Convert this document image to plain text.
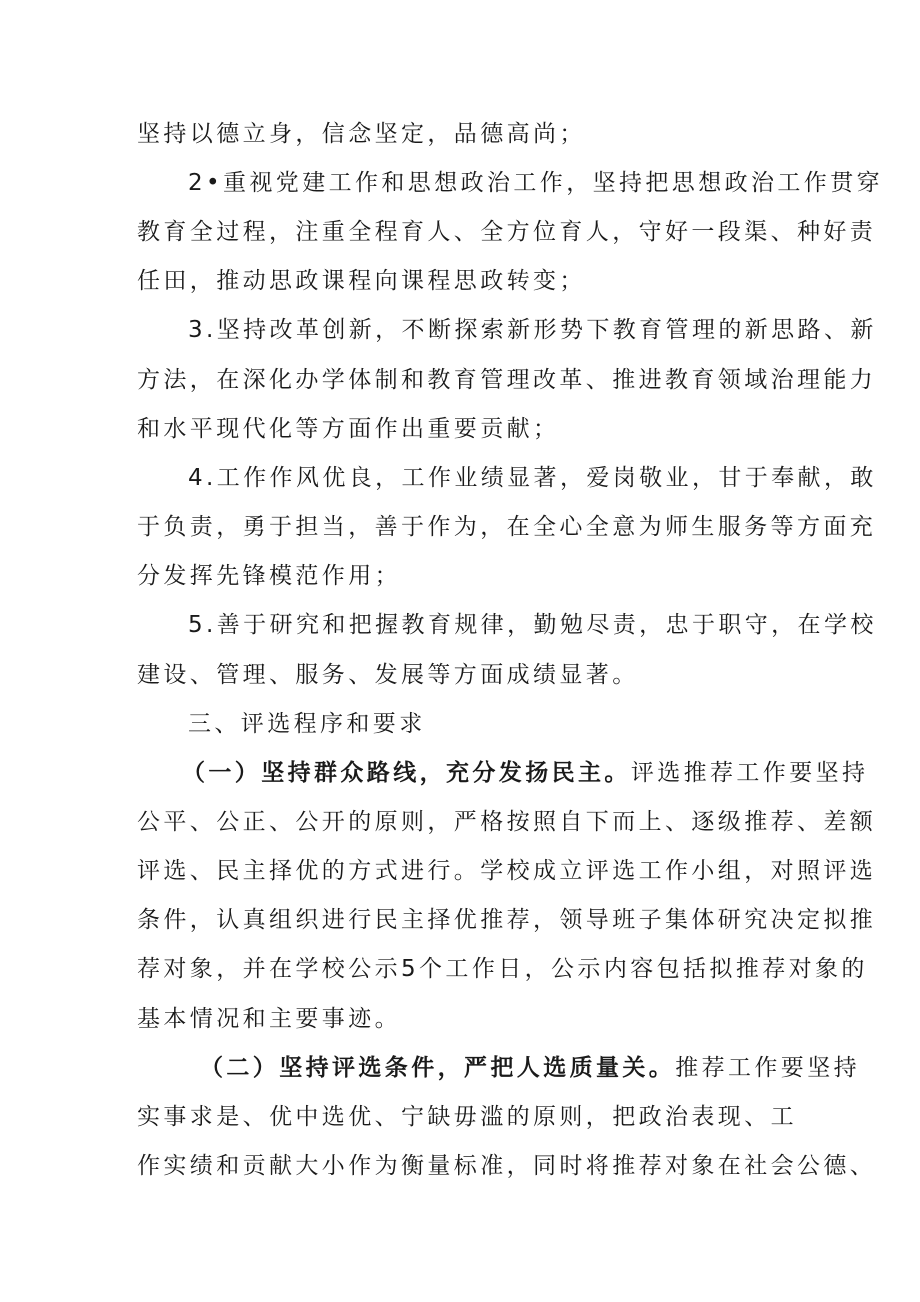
坚持以德立身，信念坚定，品德高尚；
2•重视党建工作和思想政治工作，坚持把思想政治工作贯穿
教育全过程，注重全程育人、全方位育人，守好一段渠、种好责
任田，推动思政课程向课程思政转变；
3.坚持改革创新，不断探索新形势下教育管理的新思路、新
方法，在深化办学体制和教育管理改革、推进教育领域治理能力
和水平现代化等方面作出重要贡献；
4.工作作风优良，工作业绩显著，爱岗敬业，甘于奉献，敢
于负责，勇于担当，善于作为，在全心全意为师生服务等方面充
分发挥先锋模范作用；
5.善于研究和把握教育规律，勤勉尽责，忠于职守，在学校
建设、管理、服务、发展等方面成绩显著。
三、评选程序和要求
（一）坚持群众路线，充分发扬民主。评选推荐工作要坚持
公平、公正、公开的原则，严格按照自下而上、逐级推荐、差额
评选、民主择优的方式进行。学校成立评选工作小组，对照评选
条件，认真组织进行民主择优推荐，领导班子集体研究决定拟推
荐对象，并在学校公示5个工作日，公示内容包括拟推荐对象的
基本情况和主要事迹。
（二）坚持评选条件，严把人选质量关。推荐工作要坚持
实事求是、优中选优、宁缺毋滥的原则，把政治表现、工
作实绩和贡献大小作为衡量标准，同时将推荐对象在社会公德、
